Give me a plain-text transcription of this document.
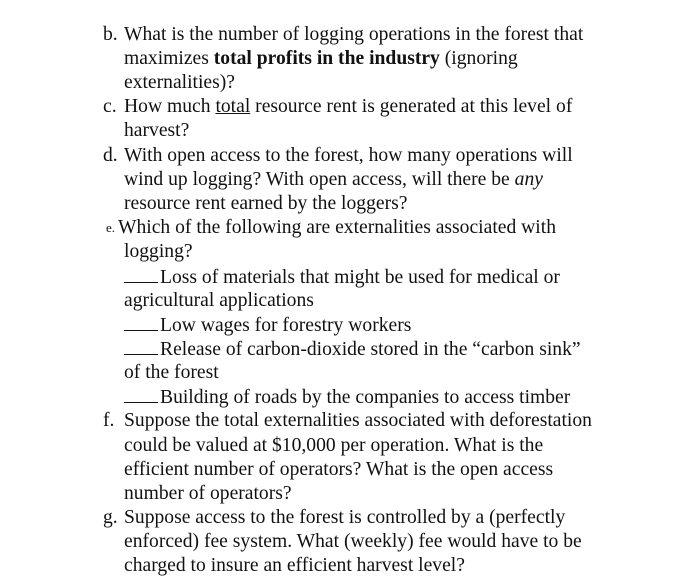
b. What is the number of logging operations in the forest that
maximizes total profits in the industry (ignoring
externalities)?
c. How much total resource rent is generated at this level of
harvest?
d. With open access to the forest, how many operations will
wind up logging? With open access, will there be any
resource rent earned by the loggers?
e. Which of the following are externalities associated with
logging?
Loss of materials that might be used for medical or
agricultural applications
Low wages for forestry workers
Release of carbon-dioxide stored in the “carbon sink”
of the forest
Building of roads by the companies to access timber
f. Suppose the total externalities associated with deforestation
could be valued at $10,000 per operation. What is the
efficient number of operators? What is the open access
number of operators?
g. Suppose access to the forest is controlled by a (perfectly
enforced) fee system. What (weekly) fee would have to be
charged to insure an efficient harvest level?
